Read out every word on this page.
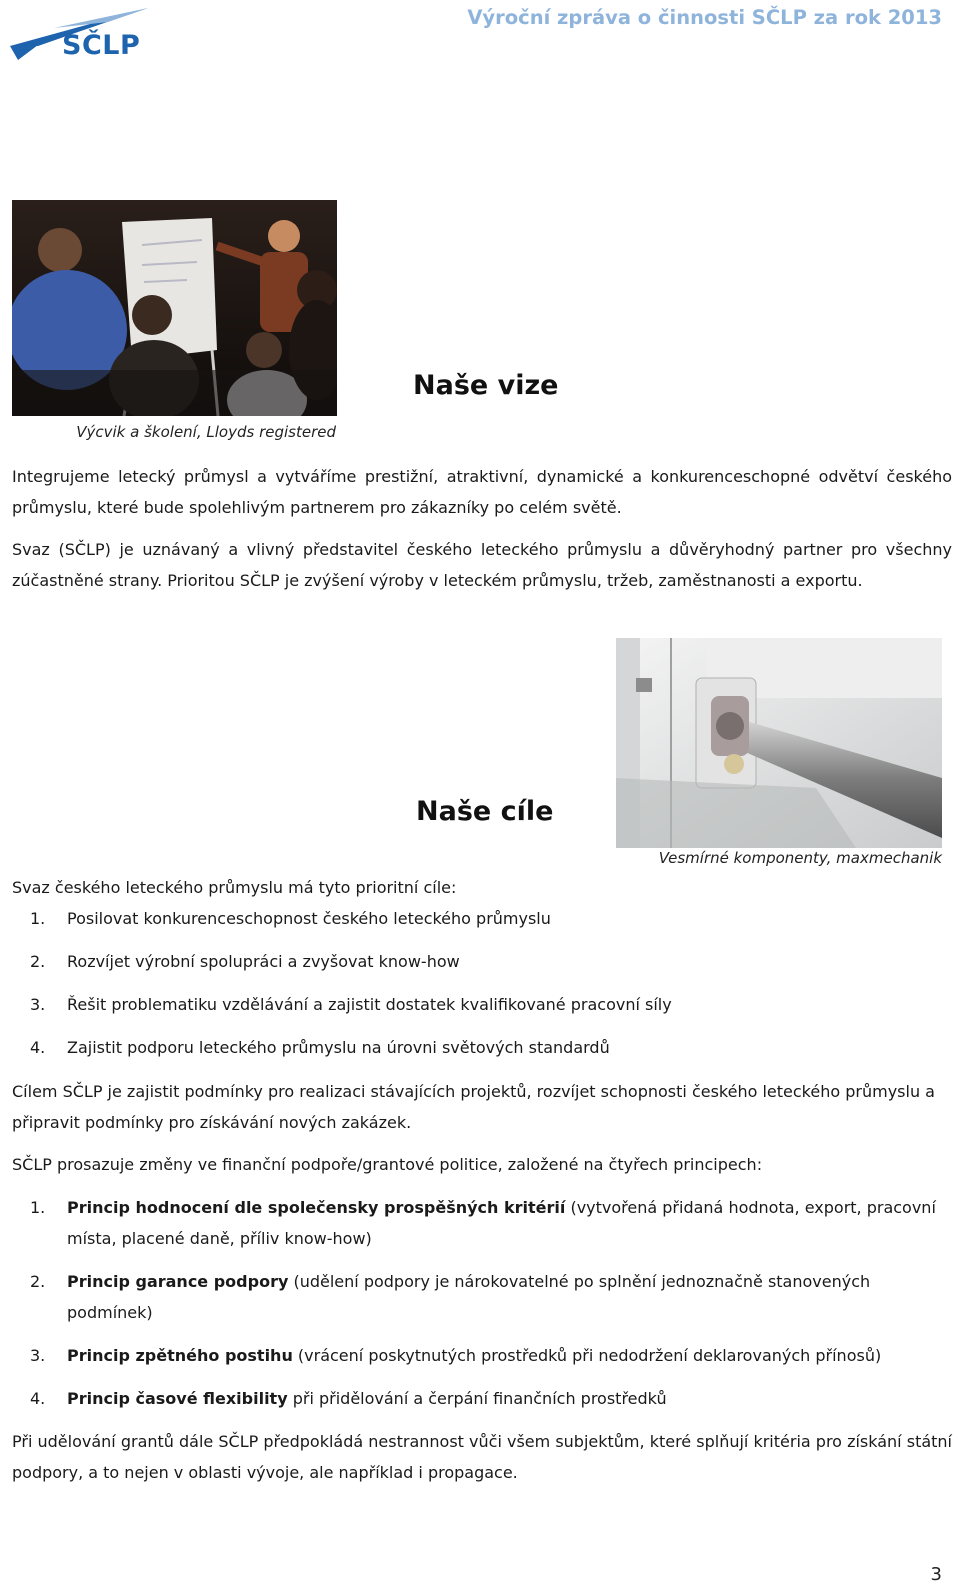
SČLP
Výroční zpráva o činnosti SČLP za rok 2013
Výcvik a školení, Lloyds registered
Naše vize

Integrujeme letecký průmysl a vytváříme prestižní, atraktivní, dynamické a konkurenceschopné odvětví českého průmyslu, které bude spolehlivým partnerem pro zákazníky po celém světě.

Svaz (SČLP) je uznávaný a vlivný představitel českého leteckého průmyslu a důvěryhodný partner pro všechny zúčastněné strany. Prioritou SČLP je zvýšení výroby v leteckém průmyslu, tržeb, zaměstnanosti a exportu.

Vesmírné komponenty, maxmechanik
Naše cíle
Svaz českého leteckého průmyslu má tyto prioritní cíle:
1. Posilovat konkurenceschopnost českého leteckého průmyslu
2. Rozvíjet výrobní spolupráci a zvyšovat know-how
3. Řešit problematiku vzdělávání a zajistit dostatek kvalifikované pracovní síly
4. Zajistit podporu leteckého průmyslu na úrovni světových standardů

Cílem SČLP je zajistit podmínky pro realizaci stávajících projektů, rozvíjet schopnosti českého leteckého průmyslu a připravit podmínky pro získávání nových zakázek.

SČLP prosazuje změny ve finanční podpoře/grantové politice, založené na čtyřech principech:

1. Princip hodnocení dle společensky prospěšných kritérií (vytvořená přidaná hodnota, export, pracovní místa, placené daně, příliv know-how)
2. Princip garance podpory (udělení podpory je nárokovatelné po splnění jednoznačně stanovených podmínek)
3. Princip zpětného postihu (vrácení poskytnutých prostředků při nedodržení deklarovaných přínosů)
4. Princip časové flexibility při přidělování a čerpání finančních prostředků

Při udělování grantů dále SČLP předpokládá nestrannost vůči všem subjektům, které splňují kritéria pro získání státní podpory, a to nejen v oblasti vývoje, ale například i propagace.

3
